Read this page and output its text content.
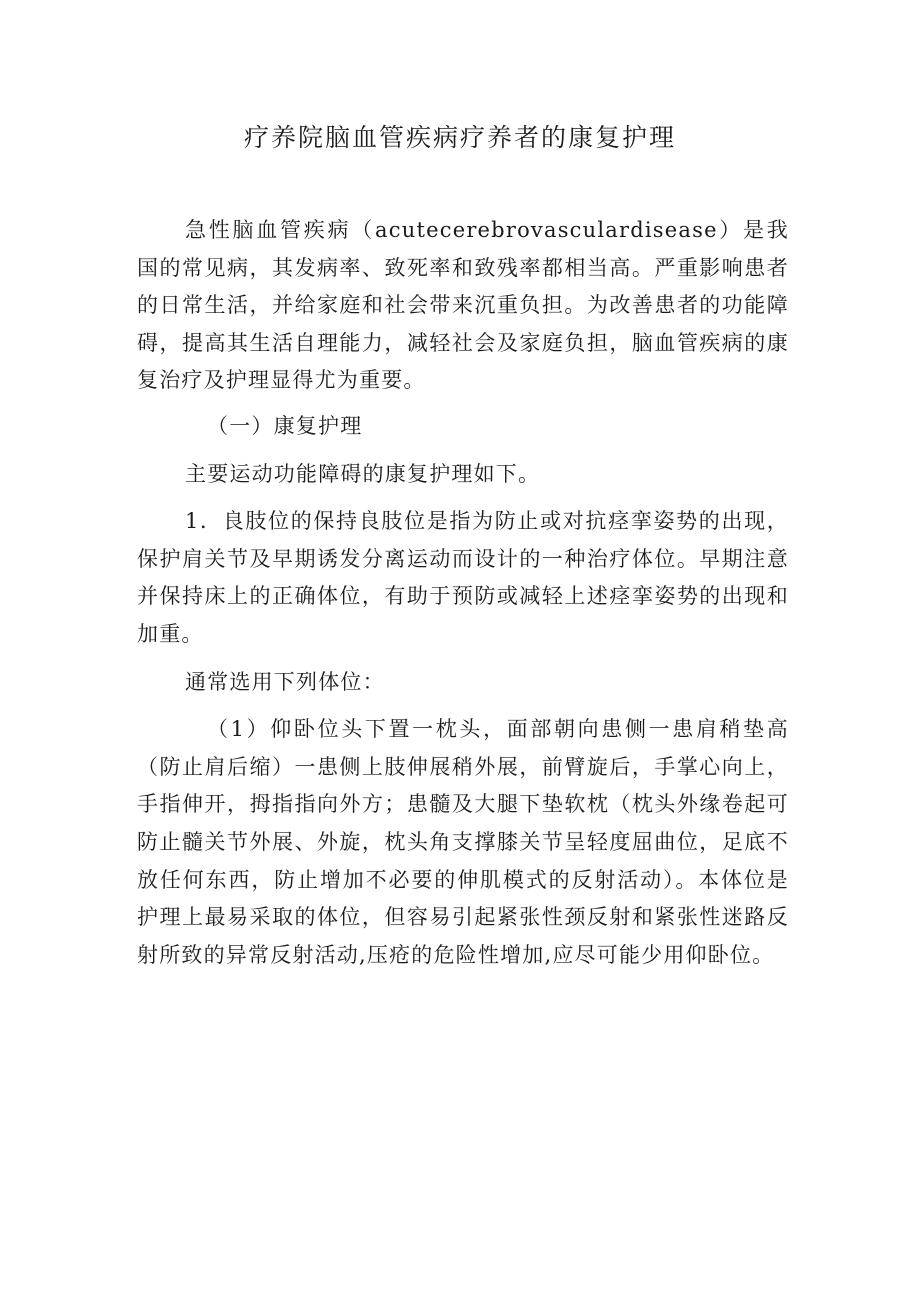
疗养院脑血管疾病疗养者的康复护理

急性脑血管疾病（acutecerebrovasculardisease）是我国的常见病，其发病率、致死率和致残率都相当高。严重影响患者的日常生活，并给家庭和社会带来沉重负担。为改善患者的功能障碍，提高其生活自理能力，减轻社会及家庭负担，脑血管疾病的康复治疗及护理显得尤为重要。

（一）康复护理

主要运动功能障碍的康复护理如下。

1．良肢位的保持良肢位是指为防止或对抗痉挛姿势的出现，保护肩关节及早期诱发分离运动而设计的一种治疗体位。早期注意并保持床上的正确体位，有助于预防或减轻上述痉挛姿势的出现和加重。

通常选用下列体位：

（1）仰卧位头下置一枕头，面部朝向患侧一患肩稍垫高（防止肩后缩）一患侧上肢伸展稍外展，前臂旋后，手掌心向上，手指伸开，拇指指向外方；患髓及大腿下垫软枕（枕头外缘卷起可防止髓关节外展、外旋，枕头角支撑膝关节呈轻度屈曲位，足底不放任何东西，防止增加不必要的伸肌模式的反射活动）。本体位是护理上最易采取的体位，但容易引起紧张性颈反射和紧张性迷路反射所致的异常反射活动,压疮的危险性增加,应尽可能少用仰卧位。
